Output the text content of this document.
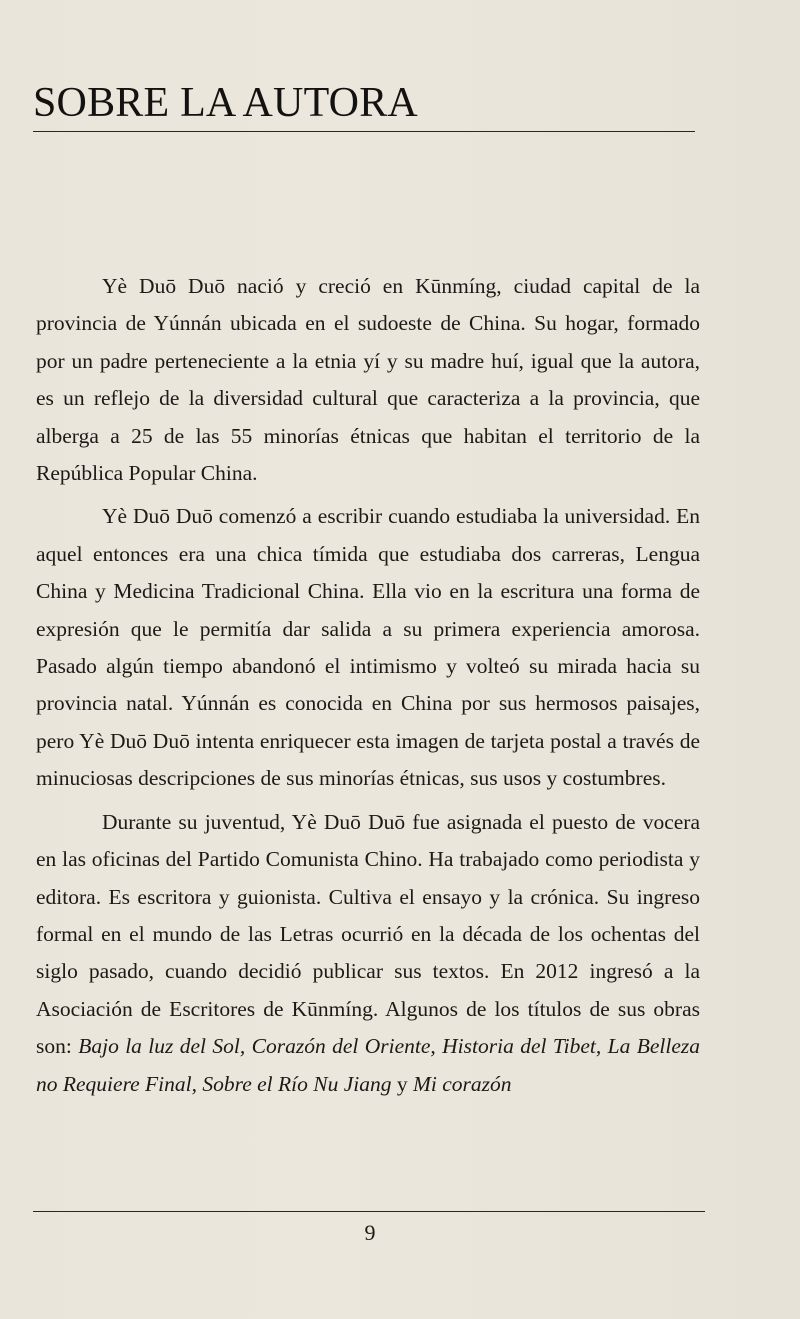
SOBRE LA AUTORA

Yè Duō Duō nació y creció en Kūnmíng, ciudad capital de la provincia de Yúnnán ubicada en el sudoeste de China. Su hogar, formado por un padre perteneciente a la etnia yí y su madre huí, igual que la autora, es un reflejo de la diversidad cultural que caracteriza a la provincia, que alberga a 25 de las 55 minorías étnicas que habitan el territorio de la República Popular China.

Yè Duō Duō comenzó a escribir cuando estudiaba la universidad. En aquel entonces era una chica tímida que estudiaba dos carreras, Lengua China y Medicina Tradicional China. Ella vio en la escritura una forma de expresión que le permitía dar salida a su primera experiencia amorosa. Pasado algún tiempo abandonó el intimismo y volteó su mirada hacia su provincia natal. Yúnnán es conocida en China por sus hermosos paisajes, pero Yè Duō Duō intenta enriquecer esta imagen de tarjeta postal a través de minuciosas descripciones de sus minorías étnicas, sus usos y costumbres.

Durante su juventud, Yè Duō Duō fue asignada el puesto de vocera en las oficinas del Partido Comunista Chino. Ha trabajado como periodista y editora. Es escritora y guionista. Cultiva el ensayo y la crónica. Su ingreso formal en el mundo de las Letras ocurrió en la década de los ochentas del siglo pasado, cuando decidió publicar sus textos. En 2012 ingresó a la Asociación de Escritores de Kūnmíng. Algunos de los títulos de sus obras son: Bajo la luz del Sol, Corazón del Oriente, Historia del Tibet, La Belleza no Requiere Final, Sobre el Río Nu Jiang y Mi corazón

9
